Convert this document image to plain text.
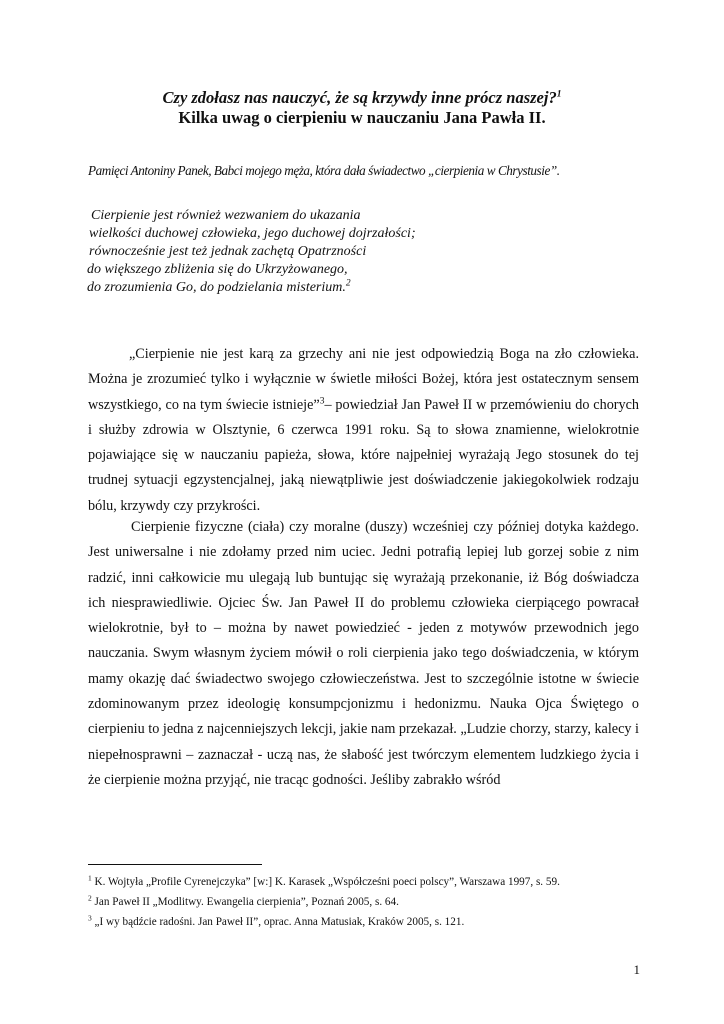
Czy zdołasz nas nauczyć, że są krzywdy inne prócz naszej?$^1$
Kilka uwag o cierpieniu w nauczaniu Jana Pawła II.
Pamięci Antoniny Panek, Babci mojego męża, która dała świadectwo „cierpienia w Chrystusie”.
Cierpienie jest również wezwaniem do ukazania
wielkości duchowej człowieka, jego duchowej dojrzałości;
równocześnie jest też jednak zachętą Opatrzności
do większego zbliżenia się do Ukrzyżowanego,
do zrozumienia Go, do podzielania misterium.$^2$
„Cierpienie nie jest karą za grzechy ani nie jest odpowiedzią Boga na zło człowieka. Można je zrozumieć tylko i wyłącznie w świetle miłości Bożej, która jest ostatecznym sensem wszystkiego, co na tym świecie istnieje”$^3$– powiedział Jan Paweł II w przemówieniu do chorych i służby zdrowia w Olsztynie, 6 czerwca 1991 roku. Są to słowa znamienne, wielokrotnie pojawiające się w nauczaniu papieża, słowa, które najpełniej wyrażają Jego stosunek do tej trudnej sytuacji egzystencjalnej, jaką niewątpliwie jest doświadczenie jakiegokolwiek rodzaju bólu, krzywdy czy przykrości.
Cierpienie fizyczne (ciała) czy moralne (duszy) wcześniej czy później dotyka każdego. Jest uniwersalne i nie zdołamy przed nim uciec. Jedni potrafią lepiej lub gorzej sobie z nim radzić, inni całkowicie mu ulegają lub buntując się wyrażają przekonanie, iż Bóg doświadcza ich niesprawiedliwie. Ojciec Św. Jan Paweł II do problemu człowieka cierpiącego powracał wielokrotnie, był to – można by nawet powiedzieć - jeden z motywów przewodnich jego nauczania. Swym własnym życiem mówił o roli cierpienia jako tego doświadczenia, w którym mamy okazję dać świadectwo swojego człowieczeństwa. Jest to szczególnie istotne w świecie zdominowanym przez ideologię konsumpcjonizmu i hedonizmu. Nauka Ojca Świętego o cierpieniu to jedna z najcenniejszych lekcji, jakie nam przekazał. „Ludzie chorzy, starzy, kalecy i niepełnosprawni – zaznaczał - uczą nas, że słabość jest twórczym elementem ludzkiego życia i że cierpienie można przyjąć, nie tracąc godności. Jeśliby zabrakło wśród
$^1$ K. Wojtyła „Profile Cyrenejczyka” [w:] K. Karasek „Współcześni poeci polscy”, Warszawa 1997, s. 59.
$^2$ Jan Paweł II „Modlitwy. Ewangelia cierpienia”, Poznań 2005, s. 64.
$^3$ „I wy bądźcie radośni. Jan Paweł II”, oprac. Anna Matusiak, Kraków 2005, s. 121.
1
